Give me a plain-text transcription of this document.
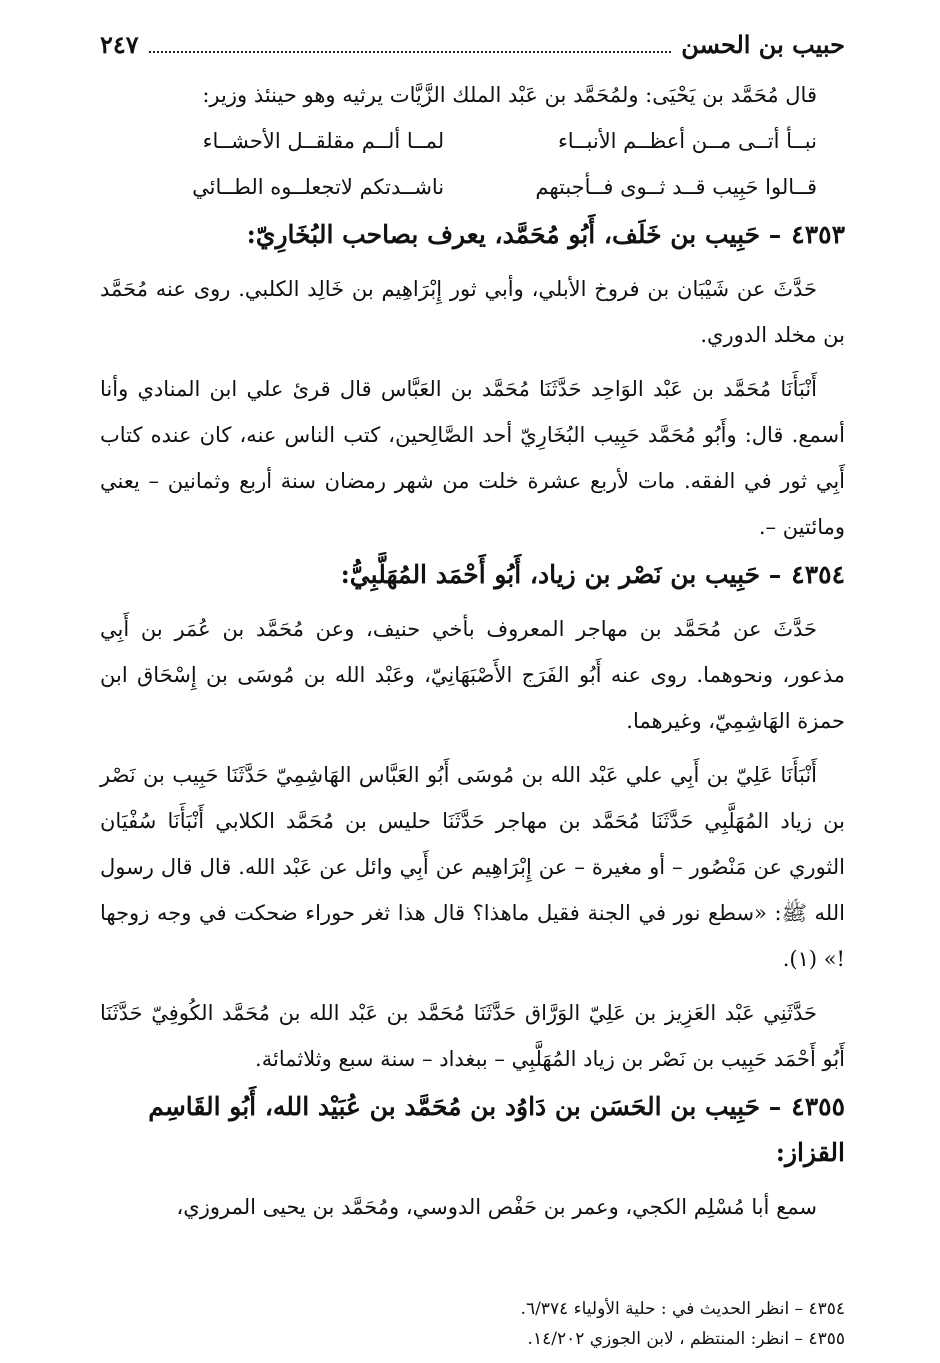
حبيب بن الحسن
٢٤٧

قال مُحَمَّد بن يَحْيَى: ولمُحَمَّد بن عَبْد الملك الزَّيَّات يرثيه وهو حينئذ وزير:

نبــأ أتــى مــن أعظــم الأنبــاء
لمــا ألــم مقلقــل الأحشــاء
قــالوا حَبِيب قــد ثــوى فــأجبتهم
ناشــدتكم لاتجعلــوه الطــائي
٤٣٥٣– حَبِيب بن خَلَف، أَبُو مُحَمَّد، يعرف بصاحب البُخَارِيّ:

حَدَّثَ عن شَيْبَان بن فروخ الأبلي، وأبي ثور إِبْرَاهِيم بن خَالِد الكلبي. روى عنه مُحَمَّد بن مخلد الدوري.

أَنْبَأَنَا مُحَمَّد بن عَبْد الوَاحِد حَدَّثَنَا مُحَمَّد بن العَبَّاس قال قرئ علي ابن المنادي وأنا أسمع. قال: وأَبُو مُحَمَّد حَبِيب البُخَارِيّ أحد الصَّالِحين، كتب الناس عنه، كان عنده كتاب أَبِي ثور في الفقه. مات لأربع عشرة خلت من شهر رمضان سنة أربع وثمانين – يعني ومائتين –.

٤٣٥٤– حَبِيب بن نَصْر بن زياد، أَبُو أَحْمَد المُهَلَّبِيُّ:

حَدَّثَ عن مُحَمَّد بن مهاجر المعروف بأخي حنيف، وعن مُحَمَّد بن عُمَر بن أَبِي مذعور، ونحوهما. روى عنه أَبُو الفَرَج الأَصْبَهَانِيّ، وعَبْد الله بن مُوسَى بن إِسْحَاق ابن حمزة الهَاشِمِيّ، وغيرهما.

أَنْبَأَنَا عَلِيّ بن أَبِي علي عَبْد الله بن مُوسَى أَبُو العَبَّاس الهَاشِمِيّ حَدَّثَنَا حَبِيب بن نَصْر بن زياد المُهَلَّبِي حَدَّثَنَا مُحَمَّد بن مهاجر حَدَّثَنَا حليس بن مُحَمَّد الكلابي أَنْبَأَنَا سُفْيَان الثوري عن مَنْصُور – أو مغيرة – عن إِبْرَاهِيم عن أَبِي وائل عن عَبْد الله. قال قال رسول الله ﷺ: «سطع نور في الجنة فقيل ماهذا؟ قال هذا ثغر حوراء ضحكت في وجه زوجها !» (١).

حَدَّثَنِي عَبْد العَزِيز بن عَلِيّ الوَرَّاق حَدَّثَنَا مُحَمَّد بن عَبْد الله بن مُحَمَّد الكُوفِيّ حَدَّثَنَا أَبُو أَحْمَد حَبِيب بن نَصْر بن زياد المُهَلَّبِي – ببغداد – سنة سبع وثلاثمائة.

٤٣٥٥– حَبِيب بن الحَسَن بن دَاوُد بن مُحَمَّد بن عُبَيْد الله، أَبُو القَاسِم القزاز:

سمع أبا مُسْلِم الكجي، وعمر بن حَفْص الدوسي، ومُحَمَّد بن يحيى المروزي،

٤٣٥٤ – انظر الحديث في : حلية الأولياء ٦/٣٧٤.
٤٣٥٥ – انظر: المنتظم ، لابن الجوزي ١٤/٢٠٢.
